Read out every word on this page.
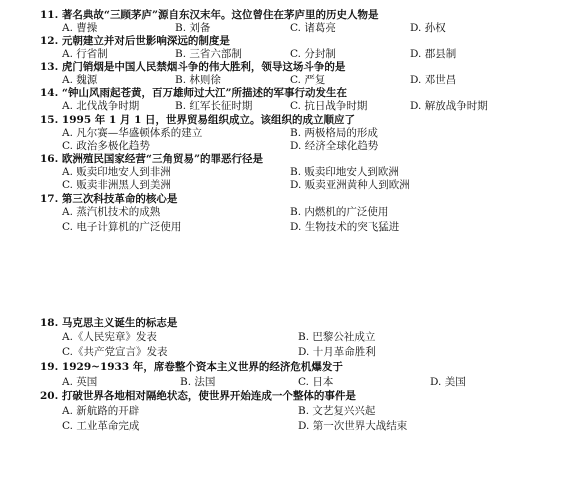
11. 著名典故“三顾茅庐”源自东汉末年。这位曾住在茅庐里的历史人物是
A. 曹操	B. 刘备	C. 诸葛亮	D. 孙权
12. 元朝建立并对后世影响深远的制度是
A. 行省制	B. 三省六部制	C. 分封制	D. 郡县制
13. 虎门销烟是中国人民禁烟斗争的伟大胜利，领导这场斗争的是
A. 魏源	B. 林则徐	C. 严复	D. 邓世昌
14. “钟山风雨起苍黄，百万雄师过大江”所描述的军事行动发生在
A. 北伐战争时期	B. 红军长征时期	C. 抗日战争时期	D. 解放战争时期
15. 1995 年 1 月 1 日，世界贸易组织成立。该组织的成立顺应了
A. 凡尔赛—华盛顿体系的建立	B. 两极格局的形成
C. 政治多极化趋势	D. 经济全球化趋势
16. 欧洲殖民国家经营“三角贸易”的罪恶行径是
A. 贩卖印地安人到非洲	B. 贩卖印地安人到欧洲
C. 贩卖非洲黑人到美洲	D. 贩卖亚洲黄种人到欧洲
17. 第三次科技革命的核心是
A. 蒸汽机技术的成熟	B. 内燃机的广泛使用
C. 电子计算机的广泛使用	D. 生物技术的突飞猛进
18. 马克思主义诞生的标志是
A.《人民宪章》发表	B. 巴黎公社成立
C.《共产党宣言》发表	D. 十月革命胜利
19. 1929~1933 年，席卷整个资本主义世界的经济危机爆发于
A. 英国	B. 法国	C. 日本	D. 美国
20. 打破世界各地相对隔绝状态，使世界开始连成一个整体的事件是
A. 新航路的开辟	B. 文艺复兴兴起
C. 工业革命完成	D. 第一次世界大战结束
